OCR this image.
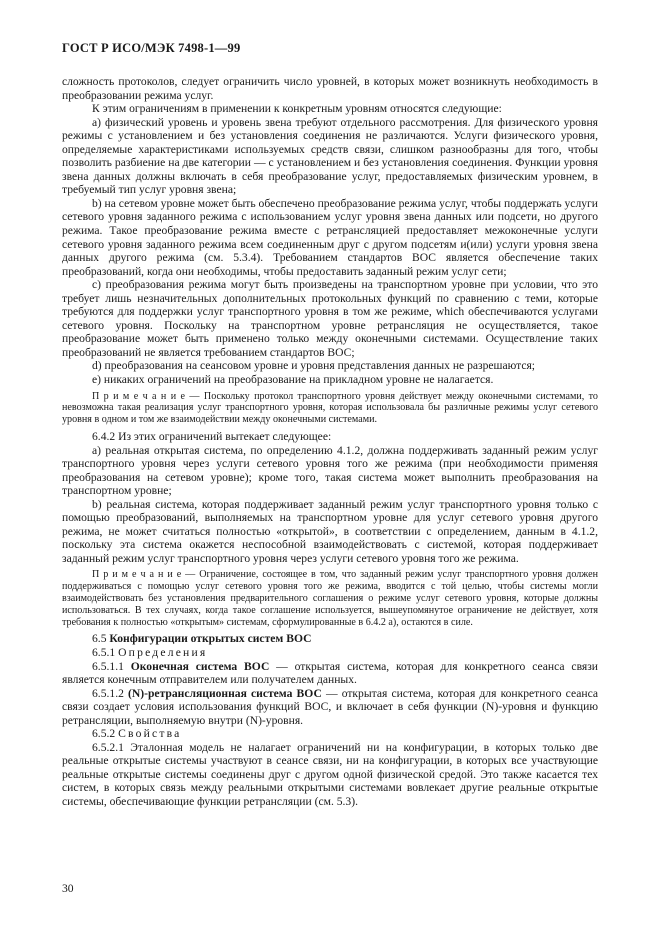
ГОСТ Р ИСО/МЭК 7498-1—99

сложность протоколов, следует ограничить число уровней, в которых может возникнуть необходимость в преобразовании режима услуг.

К этим ограничениям в применении к конкретным уровням относятся следующие:

а) физический уровень и уровень звена требуют отдельного рассмотрения. Для физического уровня режимы с установлением и без установления соединения не различаются. Услуги физического уровня, определяемые характеристиками используемых средств связи, слишком разнообразны для того, чтобы позволить разбиение на две категории — с установлением и без установления соединения. Функции уровня звена данных должны включать в себя преобразование услуг, предоставляемых физическим уровнем, в требуемый тип услуг уровня звена;

b) на сетевом уровне может быть обеспечено преобразование режима услуг, чтобы поддержать услуги сетевого уровня заданного режима с использованием услуг уровня звена данных или подсети, но другого режима. Такое преобразование режима вместе с ретрансляцией предоставляет межоконечные услуги сетевого уровня заданного режима всем соединенным друг с другом подсетям и(или) услуги уровня звена данных другого режима (см. 5.3.4). Требованием стандартов ВОС является обеспечение таких преобразований, когда они необходимы, чтобы предоставить заданный режим услуг сети;

с) преобразования режима могут быть произведены на транспортном уровне при условии, что это требует лишь незначительных дополнительных протокольных функций по сравнению с теми, которые требуются для поддержки услуг транспортного уровня в том же режиме, which обеспечиваются услугами сетевого уровня. Поскольку на транспортном уровне ретрансляция не осуществляется, такое преобразование может быть применено только между оконечными системами. Осуществление таких преобразований не является требованием стандартов ВОС;

d) преобразования на сеансовом уровне и уровня представления данных не разрешаются;

е) никаких ограничений на преобразование на прикладном уровне не налагается.

П р и м е ч а н и е — Поскольку протокол транспортного уровня действует между оконечными системами, то невозможна такая реализация услуг транспортного уровня, которая использовала бы различные режимы услуг сетевого уровня в одном и том же взаимодействии между оконечными системами.

6.4.2 Из этих ограничений вытекает следующее:

а) реальная открытая система, по определению 4.1.2, должна поддерживать заданный режим услуг транспортного уровня через услуги сетевого уровня того же режима (при необходимости применяя преобразования на сетевом уровне); кроме того, такая система может выполнить преобразования на транспортном уровне;

b) реальная система, которая поддерживает заданный режим услуг транспортного уровня только с помощью преобразований, выполняемых на транспортном уровне для услуг сетевого уровня другого режима, не может считаться полностью «открытой», в соответствии с определением, данным в 4.1.2, поскольку эта система окажется неспособной взаимодействовать с системой, которая поддерживает заданный режим услуг транспортного уровня через услуги сетевого уровня того же режима.

П р и м е ч а н и е — Ограничение, состоящее в том, что заданный режим услуг транспортного уровня должен поддерживаться с помощью услуг сетевого уровня того же режима, вводится с той целью, чтобы системы могли взаимодействовать без установления предварительного соглашения о режиме услуг сетевого уровня, которые должны использоваться. В тех случаях, когда такое соглашение используется, вышеупомянутое ограничение не действует, хотя требования к полностью «открытым» системам, сформулированные в 6.4.2 а), остаются в силе.

6.5 Конфигурации открытых систем ВОС

6.5.1 Определения

6.5.1.1 Оконечная система ВОС — открытая система, которая для конкретного сеанса связи является конечным отправителем или получателем данных.

6.5.1.2 (N)-ретрансляционная система ВОС — открытая система, которая для конкретного сеанса связи создает условия использования функций ВОС, и включает в себя функции (N)-уровня и функцию ретрансляции, выполняемую внутри (N)-уровня.

6.5.2 Свойства

6.5.2.1 Эталонная модель не налагает ограничений ни на конфигурации, в которых только две реальные открытые системы участвуют в сеансе связи, ни на конфигурации, в которых все участвующие реальные открытые системы соединены друг с другом одной физической средой. Это также касается тех систем, в которых связь между реальными открытыми системами вовлекает другие реальные открытые системы, обеспечивающие функции ретрансляции (см. 5.3).

30
